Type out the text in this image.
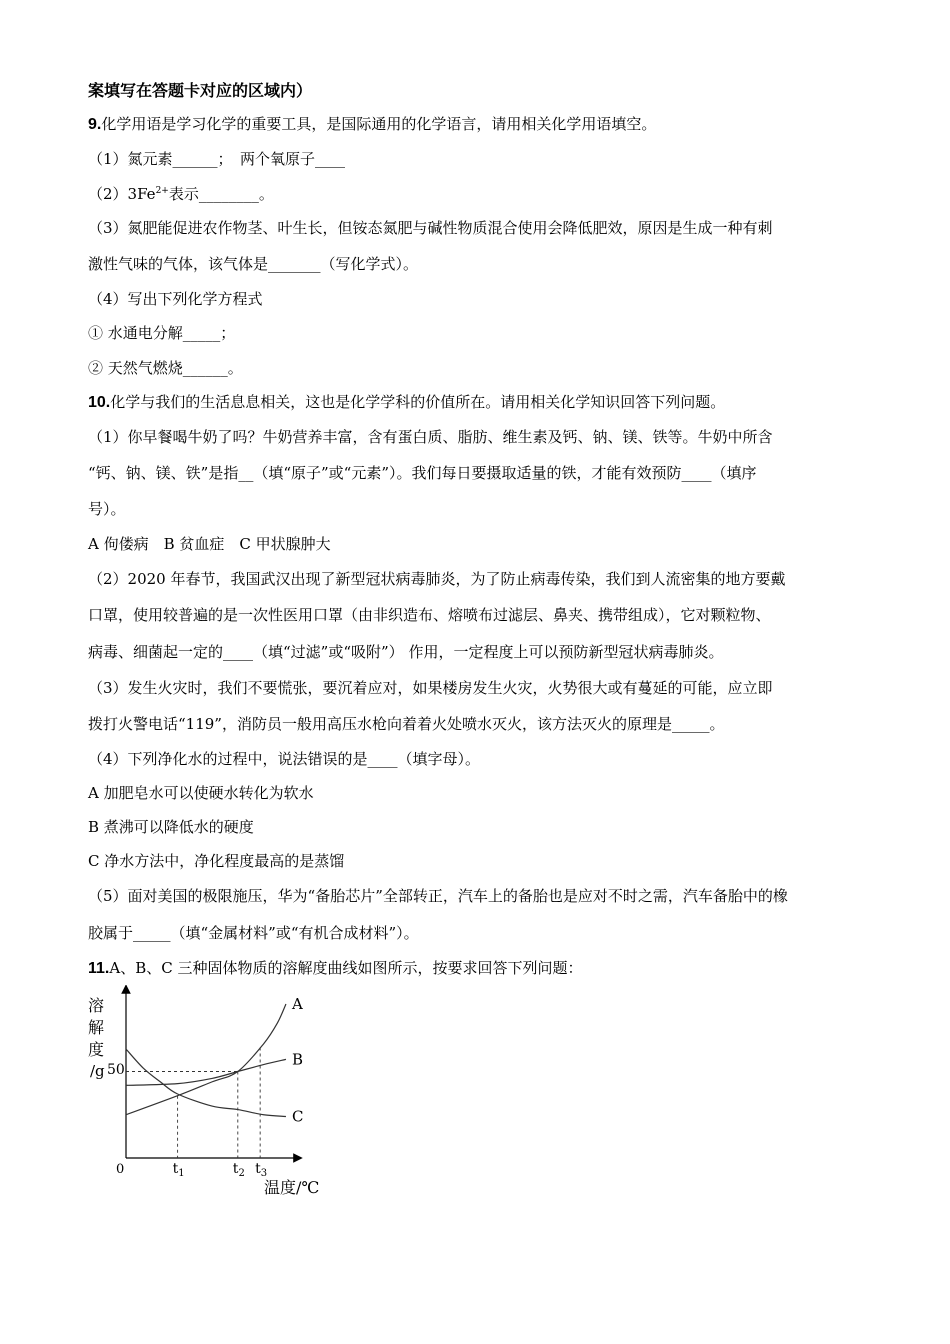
案填写在答题卡对应的区域内）
9.化学用语是学习化学的重要工具，是国际通用的化学语言，请用相关化学用语填空。
（1）氮元素______；　两个氧原子____
$(2)3Fe^{2+}$表示________。
（3）氮肥能促进农作物茎、叶生长，但铵态氮肥与碱性物质混合使用会降低肥效，原因是生成一种有刺
激性气味的气体，该气体是_______（写化学式）。
（4）写出下列化学方程式
① 水通电分解_____；
② 天然气燃烧______。
10.化学与我们的生活息息相关，这也是化学学科的价值所在。请用相关化学知识回答下列问题。
（1）你早餐喝牛奶了吗？牛奶营养丰富，含有蛋白质、脂肪、维生素及钙、钠、镁、铁等。牛奶中所含
“钙、钠、镁、铁”是指__（填“原子”或“元素”）。我们每日要摄取适量的铁，才能有效预防____（填序
号）。
A 佝偻病　B 贫血症　C 甲状腺肿大
（2）2020 年春节，我国武汉出现了新型冠状病毒肺炎，为了防止病毒传染，我们到人流密集的地方要戴
口罩，使用较普遍的是一次性医用口罩（由非织造布、熔喷布过滤层、鼻夹、携带组成），它对颗粒物、
病毒、细菌起一定的____（填“过滤”或“吸附”） 作用，一定程度上可以预防新型冠状病毒肺炎。
（3）发生火灾时，我们不要慌张，要沉着应对，如果楼房发生火灾，火势很大或有蔓延的可能，应立即
拨打火警电话“119”，消防员一般用高压水枪向着着火处喷水灭火，该方法灭火的原理是_____。
（4）下列净化水的过程中，说法错误的是____（填字母）。
A 加肥皂水可以使硬水转化为软水
B 煮沸可以降低水的硬度
C 净水方法中，净化程度最高的是蒸馏
（5）面对美国的极限施压，华为“备胎芯片”全部转正，汽车上的备胎也是应对不时之需，汽车备胎中的橡
胶属于_____（填“金属材料”或“有机合成材料”）。
11.A、B、C 三种固体物质的溶解度曲线如图所示，按要求回答下列问题：
溶
解
度
/g 50
0
温度/℃
A
B
C
$t_1$	$t_2$ $t_3$
